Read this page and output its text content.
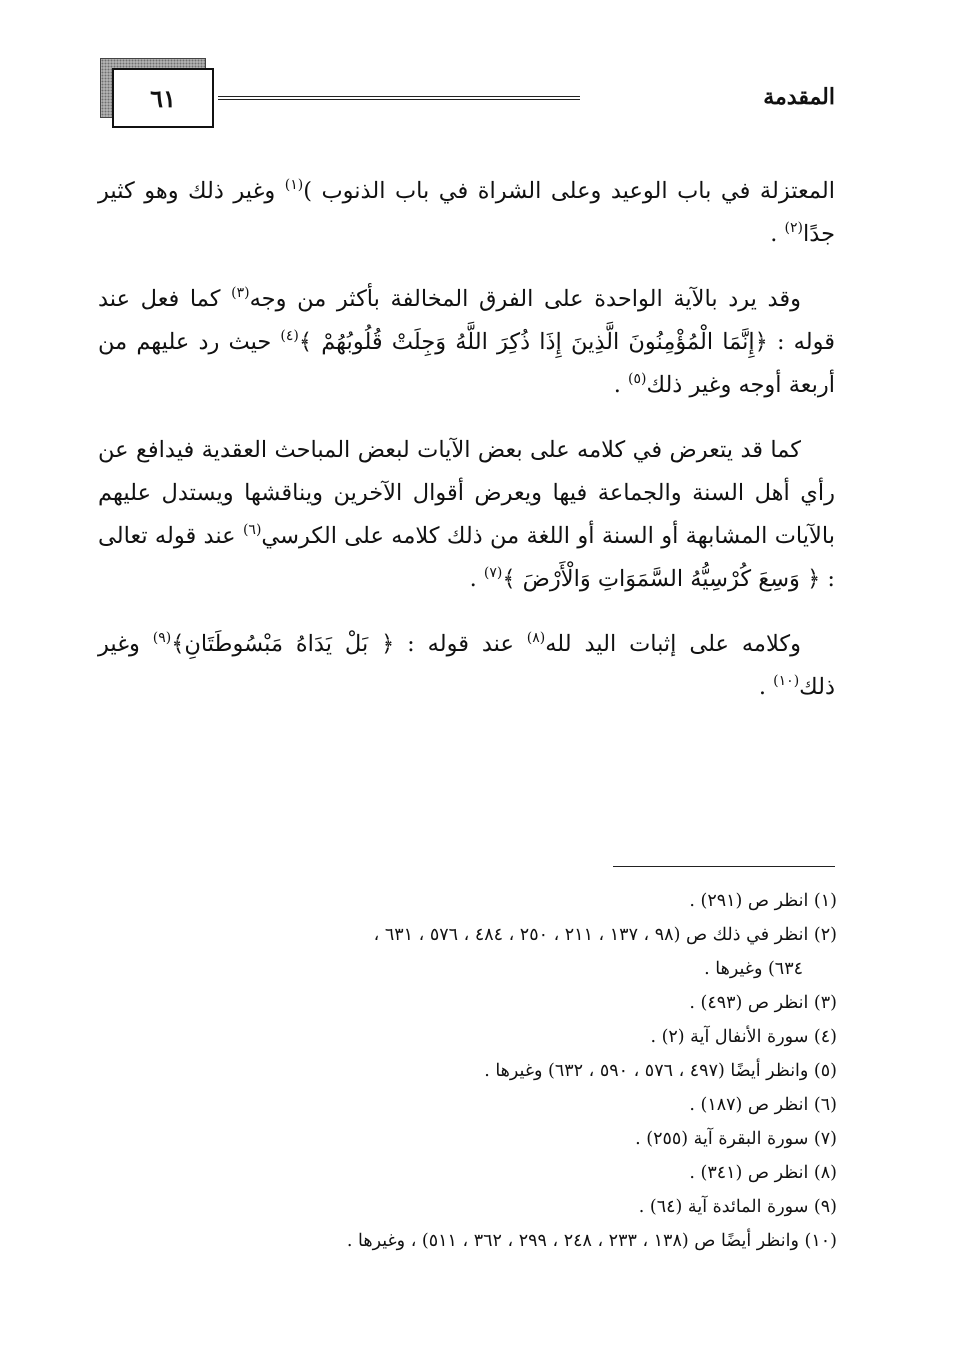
المقدمة
٦١

المعتزلة في باب الوعيد وعلى الشراة في باب الذنوب )$^{(١)}$ وغير ذلك وهو كثير جدًا$^{(٢)}$ .

وقد يرد بالآية الواحدة على الفرق المخالفة بأكثر من وجه$^{(٣)}$ كما فعل عند قوله : ﴿إِنَّمَا الْمُؤْمِنُونَ الَّذِينَ إِذَا ذُكِرَ اللَّهُ وَجِلَتْ قُلُوبُهُمْ ﴾$^{(٤)}$ حيث رد عليهم من أربعة أوجه وغير ذلك$^{(٥)}$ .

كما قد يتعرض في كلامه على بعض الآيات لبعض المباحث العقدية فيدافع عن رأي أهل السنة والجماعة فيها ويعرض أقوال الآخرين ويناقشها ويستدل عليهم بالآيات المشابهة أو السنة أو اللغة من ذلك كلامه على الكرسي$^{(٦)}$ عند قوله تعالى : ﴿ وَسِعَ كُرْسِيُّهُ السَّمَوَاتِ وَالْأَرْضَ ﴾$^{(٧)}$ .

وكلامه على إثبات اليد لله$^{(٨)}$ عند قوله : ﴿ بَلْ يَدَاهُ مَبْسُوطَتَانِ﴾$^{(٩)}$ وغير ذلك$^{(١٠)}$ .

(١) انظر ص (٢٩١) .
(٢) انظر في ذلك ص (٩٨ ، ١٣٧ ، ٢١١ ، ٢٥٠ ، ٤٨٤ ، ٥٧٦ ، ٦٣١ ،
٦٣٤) وغيرها .
(٣) انظر ص (٤٩٣) .
(٤) سورة الأنفال آية (٢) .
(٥) وانظر أيضًا (٤٩٧ ، ٥٧٦ ، ٥٩٠ ، ٦٣٢) وغيرها .
(٦) انظر ص (١٨٧) .
(٧) سورة البقرة آية (٢٥٥) .
(٨) انظر ص (٣٤١) .
(٩) سورة المائدة آية (٦٤) .
(١٠) وانظر أيضًا ص (١٣٨ ، ٢٣٣ ، ٢٤٨ ، ٢٩٩ ، ٣٦٢ ، ٥١١) ، وغيرها .
